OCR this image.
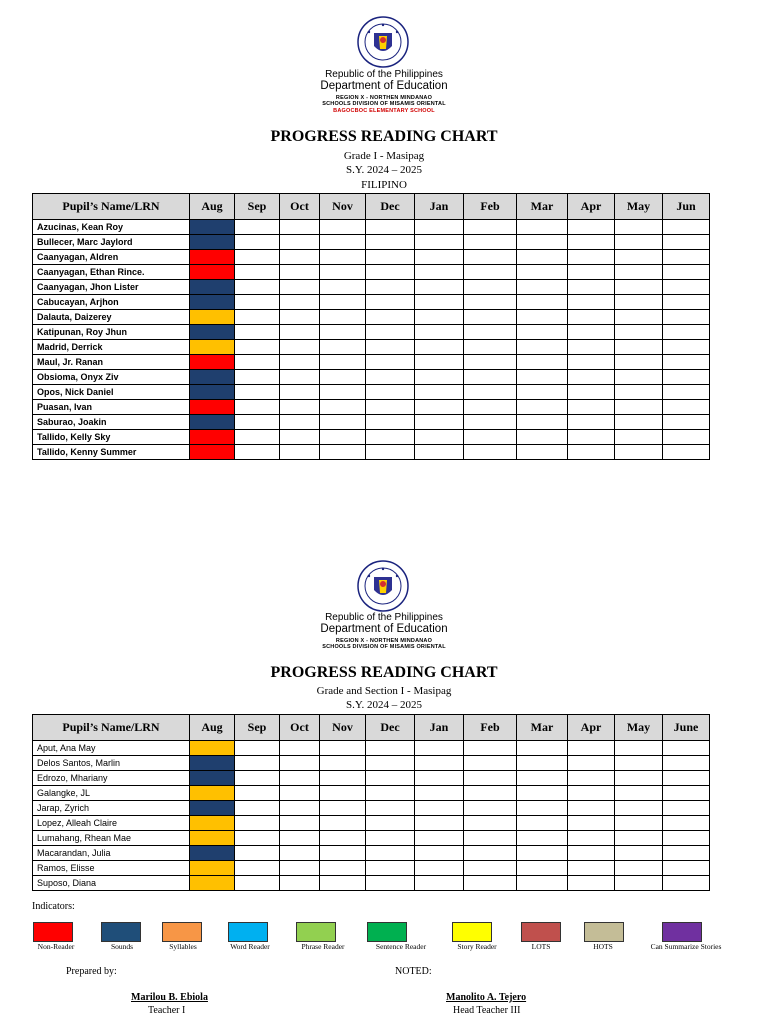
Republic of the Philippines
Department of Education
REGION X - NORTHEN MINDANAO
SCHOOLS DIVISION OF MISAMIS ORIENTAL
BAGOCBOC ELEMENTARY SCHOOL
PROGRESS READING CHART
Grade I - Masipag
S.Y. 2024 – 2025
FILIPINO
Pupil’s Name/LRN	Aug	Sep	Oct	Nov	Dec	Jan	Feb	Mar	Apr	May	Jun
Azucinas, Kean Roy											
Bullecer, Marc Jaylord											
Caanyagan, Aldren											
Caanyagan, Ethan Rince.											
Caanyagan, Jhon Lister											
Cabucayan, Arjhon											
Dalauta, Daizerey											
Katipunan, Roy Jhun											
Madrid, Derrick											
Maul, Jr. Ranan											
Obsioma, Onyx Ziv											
Opos, Nick Daniel											
Puasan, Ivan											
Saburao, Joakin											
Tallido, Kelly Sky											
Tallido, Kenny Summer											
Republic of the Philippines
Department of Education
REGION X - NORTHEN MINDANAO
SCHOOLS DIVISION OF MISAMIS ORIENTAL
PROGRESS READING CHART
Grade and Section I - Masipag
S.Y. 2024 – 2025
Pupil’s Name/LRN	Aug	Sep	Oct	Nov	Dec	Jan	Feb	Mar	Apr	May	June
Aput, Ana May											
Delos Santos, Marlin											
Edrozo, Mhariany											
Galangke, JL											
Jarap, Zyrich											
Lopez, Alleah Claire											
Lumahang, Rhean Mae											
Macarandan, Julia											
Ramos, Elisse											
Suposo, Diana											
Indicators:
Non-Reader	Sounds	Syllables	Word Reader	Phrase Reader	Sentence Reader	Story Reader	LOTS	HOTS	Can Summarize Stories
Prepared by:
Marilou B. Ebiola
Teacher I
NOTED:
Manolito A. Tejero
Head Teacher III
